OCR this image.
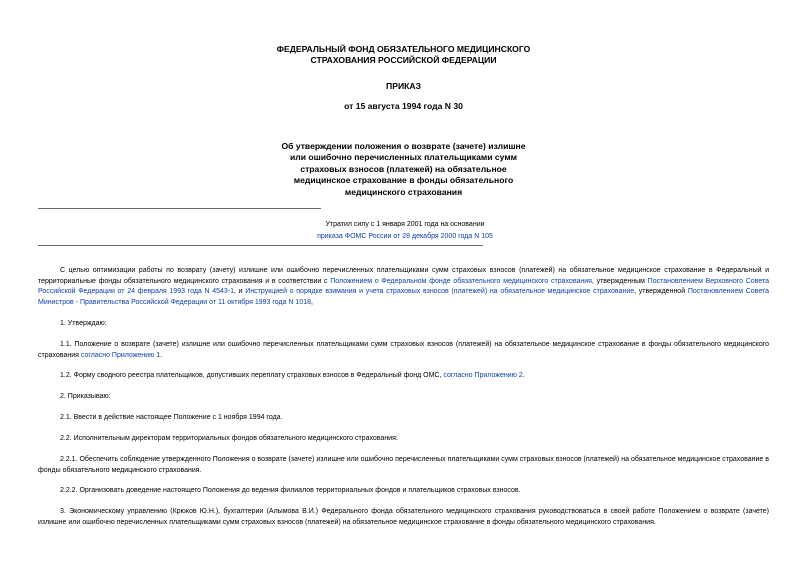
ФЕДЕРАЛЬНЫЙ ФОНД ОБЯЗАТЕЛЬНОГО МЕДИЦИНСКОГО
СТРАХОВАНИЯ РОССИЙСКОЙ ФЕДЕРАЦИИ
ПРИКАЗ
от 15 августа 1994 года N 30
Об утверждении положения о возврате (зачете) излишне
или ошибочно перечисленных плательщиками сумм
страховых взносов (платежей) на обязательное
медицинское страхование в фонды обязательного
медицинского страхования
Утратил силу с 1 января 2001 года на основании
приказа ФОМС России от 28 декабря 2000 года N 105
С целью оптимизации работы по возврату (зачету) излишне или ошибочно перечисленных плательщиками сумм страховых взносов (платежей) на обязательное медицинское страхование в Федеральный и территориальные фонды обязательного медицинского страхования и в соответствии с Положением о Федеральном фонде обязательного медицинского страхования, утвержденным Постановлением Верховного Совета Российской Федерации от 24 февраля 1993 года N 4543-1, и Инструкцией о порядке взимания и учета страховых взносов (платежей) на обязательное медицинское страхование, утвержденной Постановлением Совета Министров - Правительства Российской Федерации от 11 октября 1993 года N 1018,
1. Утверждаю:
1.1. Положение о возврате (зачете) излишне или ошибочно перечисленных плательщиками сумм страховых взносов (платежей) на обязательное медицинское страхование в фонды обязательного медицинского страхования согласно Приложению 1.
1.2. Форму сводного реестра плательщиков, допустивших переплату страховых взносов в Федеральный фонд ОМС, согласно Приложению 2.
2. Приказываю:
2.1. Ввести в действие настоящее Положение с 1 ноября 1994 года.
2.2. Исполнительным директорам территориальных фондов обязательного медицинского страхования:
2.2.1. Обеспечить соблюдение утвержденного Положения о возврате (зачете) излишне или ошибочно перечисленных плательщиками сумм страховых взносов (платежей) на обязательное медицинское страхование в фонды обязательного медицинского страхования.
2.2.2. Организовать доведение настоящего Положения до ведения филиалов территориальных фондов и плательщиков страховых взносов.
3. Экономическому управлению (Крюков Ю.Н.), бухгалтерии (Алымова В.И.) Федерального фонда обязательного медицинского страхования руководствоваться в своей работе Положением о возврате (зачете) излишне или ошибочно перечисленных плательщиками сумм страховых взносов (платежей) на обязательное медицинское страхование в фонды обязательного медицинского страхования.
